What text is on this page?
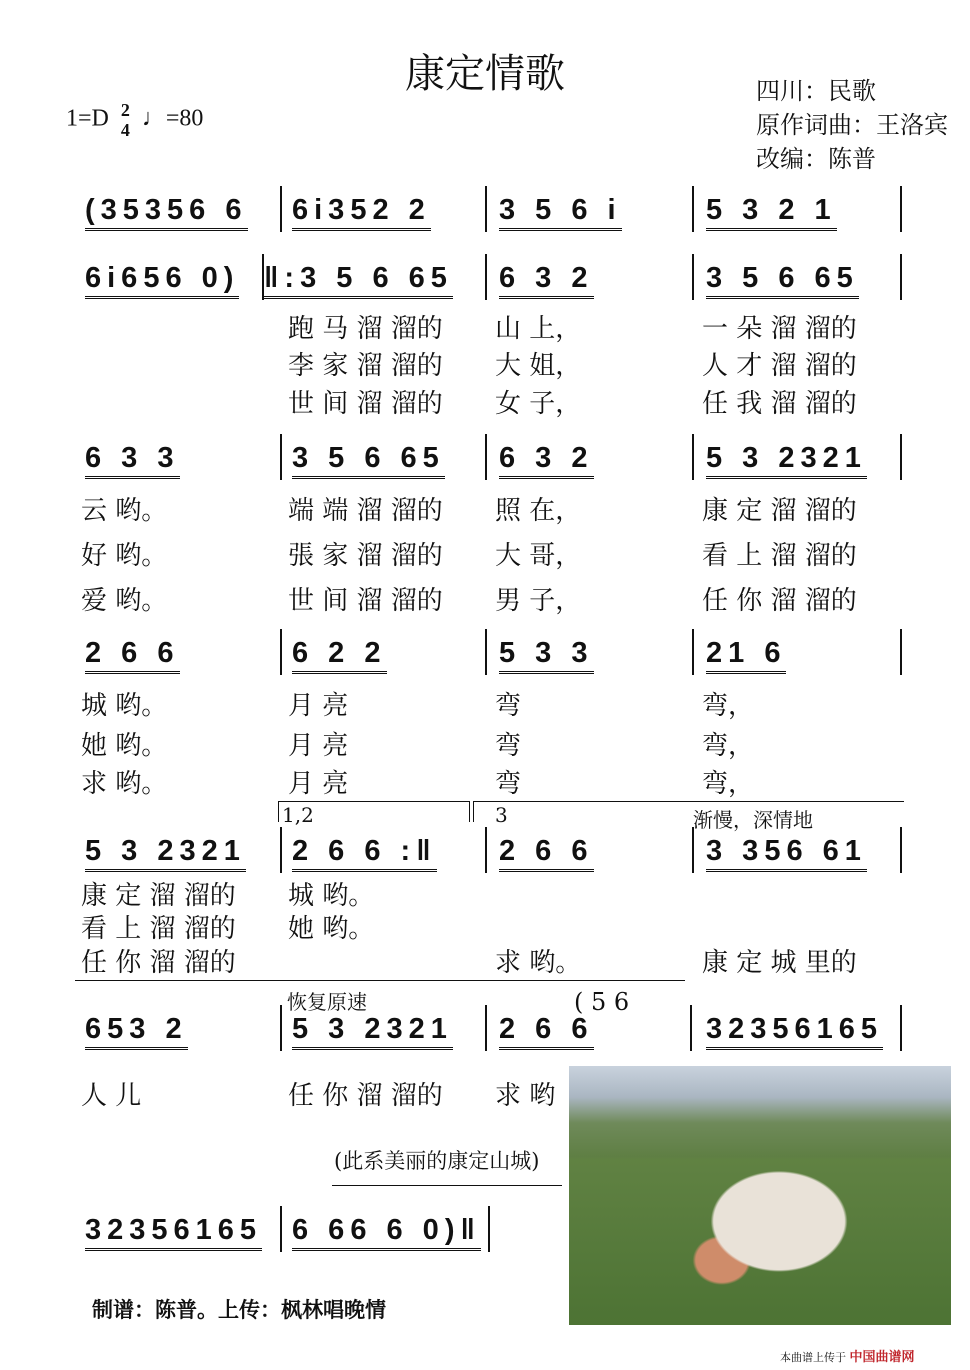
康定情歌
1=D 2
4 ♩=80
四川：民歌
原作词曲：王洛宾
改编：陈普
(35356 6 6i352 2 3 5 6 i	5 3 2 1
6i656 0) ‖:3 5 6 65 6 3 2	3 5 6 65
跑 马 溜 溜的	山 上，	一 朵 溜 溜的
李 家 溜 溜的	大 姐，	人 才 溜 溜的
世 间 溜 溜的	女 子，	任 我 溜 溜的
6 3 3	3 5 6 65 6 3 2	5 3 2321
云 哟。	端 端 溜 溜的	照 在，	康 定 溜 溜的
好 哟。	張 家 溜 溜的	大 哥，	看 上 溜 溜的
爱 哟。	世 间 溜 溜的	男 子，	任 你 溜 溜的
2 6 6	6 2 2	5 3 3	21 6
城 哟。	月 亮	弯	弯，
她 哟。	月 亮	弯	弯，
求 哟。	月 亮	弯	弯，
5 3 2321 2 6 6 :‖ 2 6 6	3 356 61
康 定 溜 溜的	城 哟。
看 上 溜 溜的	她 哟。
任 你 溜 溜的	求 哟。	康 定 城 里的
653 2	5 3 2321 2 6 6	32356165
人 儿	任 你 溜 溜的	求 哟
32356165 6 66 6 0)‖
1,2	3	渐慢，深情地
恢复原速	( 5 6
(此系美丽的康定山城)
制谱：陈普。上传：枫林唱晚情
本曲谱上传于 中国曲谱网
